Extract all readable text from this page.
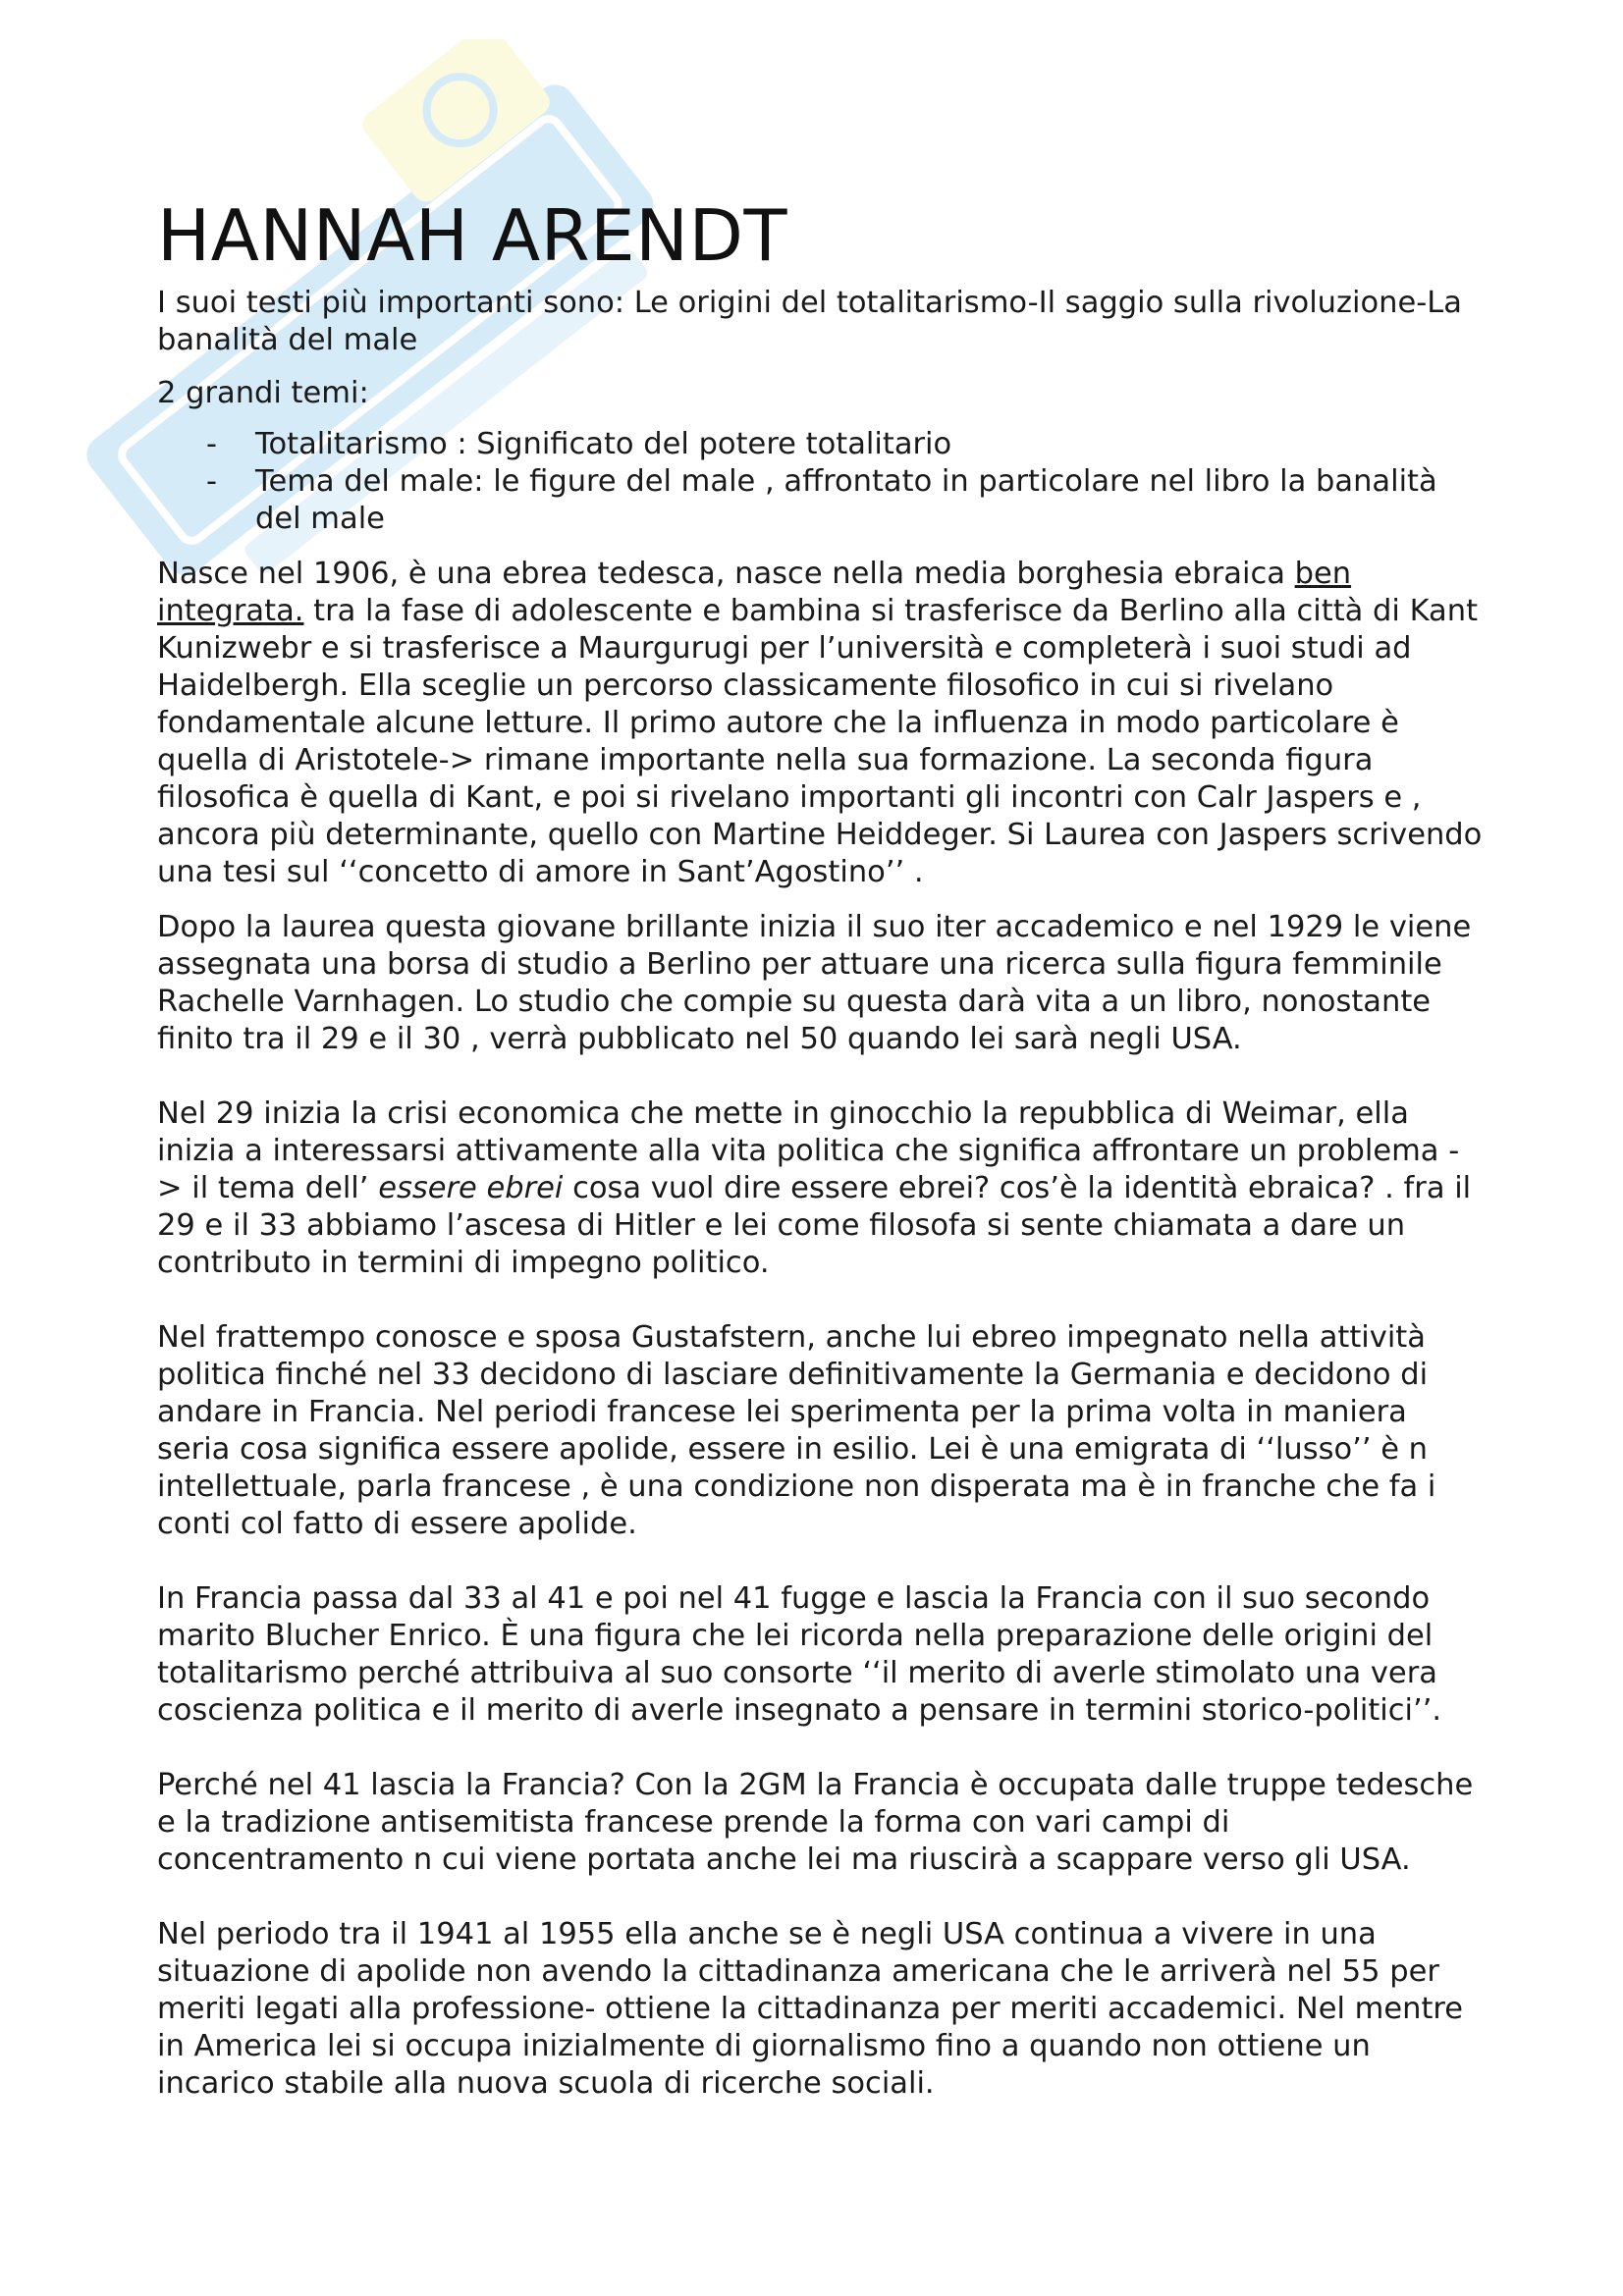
HANNAH ARENDT

I suoi testi più importanti sono: Le origini del totalitarismo-Il saggio sulla rivoluzione-La banalità del male

2 grandi temi:

- Totalitarismo : Significato del potere totalitario
- Tema del male: le figure del male , affrontato in particolare nel libro la banalità del male

Nasce nel 1906, è una ebrea tedesca, nasce nella media borghesia ebraica ben integrata. tra la fase di adolescente e bambina si trasferisce da Berlino alla città di Kant Kunizwebr e si trasferisce a Maurgurugi per l’università e completerà i suoi studi ad Haidelbergh. Ella sceglie un percorso classicamente filosofico in cui si rivelano fondamentale alcune letture. Il primo autore che la influenza in modo particolare è quella di Aristotele-> rimane importante nella sua formazione. La seconda figura filosofica è quella di Kant, e poi si rivelano importanti gli incontri con Calr Jaspers e , ancora più determinante, quello con Martine Heiddeger. Si Laurea con Jaspers scrivendo una tesi sul ‘‘concetto di amore in Sant’Agostino’’ .

Dopo la laurea questa giovane brillante inizia il suo iter accademico e nel 1929 le viene assegnata una borsa di studio a Berlino per attuare una ricerca sulla figura femminile Rachelle Varnhagen. Lo studio che compie su questa darà vita a un libro, nonostante finito tra il 29 e il 30 , verrà pubblicato nel 50 quando lei sarà negli USA.

Nel 29 inizia la crisi economica che mette in ginocchio la repubblica di Weimar, ella inizia a interessarsi attivamente alla vita politica che significa affrontare un problema -> il tema dell’ essere ebrei cosa vuol dire essere ebrei? cos’è la identità ebraica? . fra il 29 e il 33 abbiamo l’ascesa di Hitler e lei come filosofa si sente chiamata a dare un contributo in termini di impegno politico.

Nel frattempo conosce e sposa Gustafstern, anche lui ebreo impegnato nella attività politica finché nel 33 decidono di lasciare definitivamente la Germania e decidono di andare in Francia. Nel periodi francese lei sperimenta per la prima volta in maniera seria cosa significa essere apolide, essere in esilio. Lei è una emigrata di ‘‘lusso’’ è n intellettuale, parla francese , è una condizione non disperata ma è in franche che fa i conti col fatto di essere apolide.

In Francia passa dal 33 al 41 e poi nel 41 fugge e lascia la Francia con il suo secondo marito Blucher Enrico. È una figura che lei ricorda nella preparazione delle origini del totalitarismo perché attribuiva al suo consorte ‘‘il merito di averle stimolato una vera coscienza politica e il merito di averle insegnato a pensare in termini storico-politici’’.

Perché nel 41 lascia la Francia? Con la 2GM la Francia è occupata dalle truppe tedesche e la tradizione antisemitista francese prende la forma con vari campi di concentramento n cui viene portata anche lei ma riuscirà a scappare verso gli USA.

Nel periodo tra il 1941 al 1955 ella anche se è negli USA continua a vivere in una situazione di apolide non avendo la cittadinanza americana che le arriverà nel 55 per meriti legati alla professione- ottiene la cittadinanza per meriti accademici. Nel mentre in America lei si occupa inizialmente di giornalismo fino a quando non ottiene un incarico stabile alla nuova scuola di ricerche sociali.
